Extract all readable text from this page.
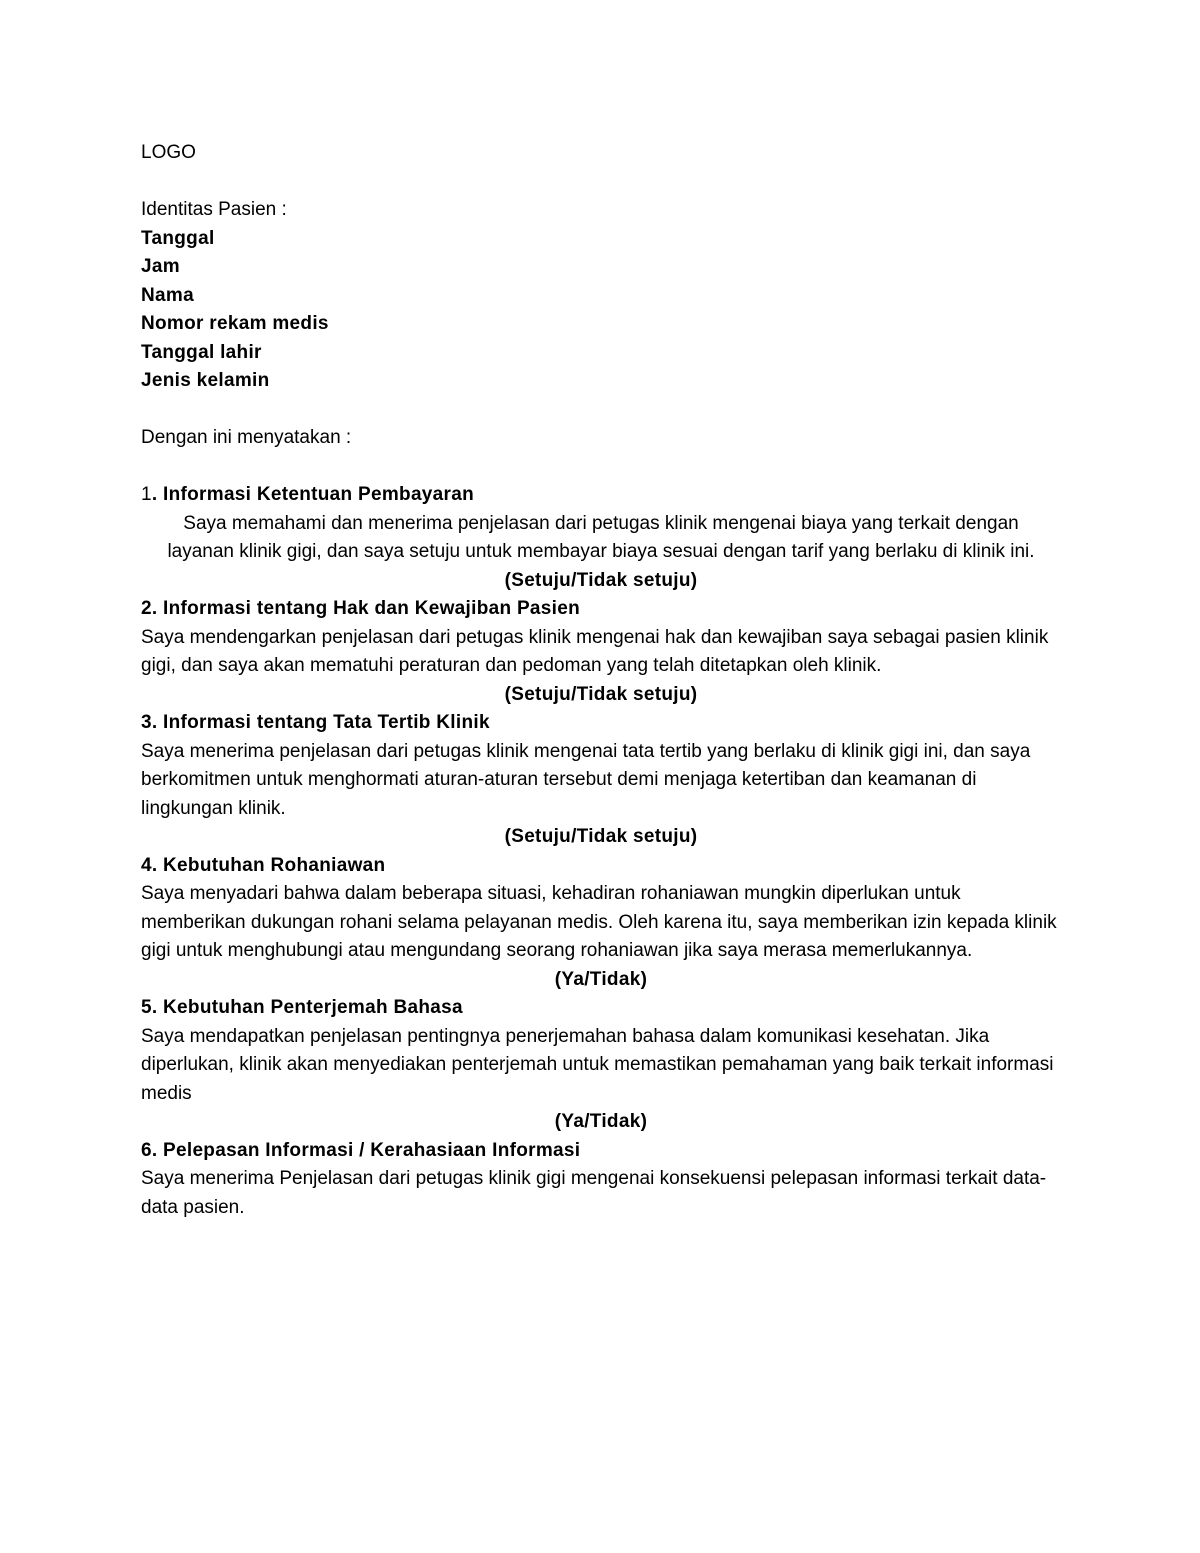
LOGO
Identitas Pasien :
Tanggal
Jam
Nama
Nomor rekam medis
Tanggal lahir
Jenis kelamin
Dengan ini menyatakan :
1. Informasi Ketentuan Pembayaran
Saya memahami dan menerima penjelasan dari petugas klinik mengenai biaya yang terkait dengan layanan klinik gigi, dan saya setuju untuk membayar biaya sesuai dengan tarif yang berlaku di klinik ini.
(Setuju/Tidak setuju)
2. Informasi tentang Hak dan Kewajiban Pasien
Saya mendengarkan penjelasan dari petugas klinik mengenai hak dan kewajiban saya sebagai pasien klinik gigi, dan saya akan mematuhi peraturan dan pedoman yang telah ditetapkan oleh klinik.
(Setuju/Tidak setuju)
3. Informasi tentang Tata Tertib Klinik
Saya menerima penjelasan dari petugas klinik mengenai tata tertib yang berlaku di klinik gigi ini, dan saya berkomitmen untuk menghormati aturan-aturan tersebut demi menjaga ketertiban dan keamanan di lingkungan klinik.
(Setuju/Tidak setuju)
4. Kebutuhan Rohaniawan
Saya menyadari bahwa dalam beberapa situasi, kehadiran rohaniawan mungkin diperlukan untuk memberikan dukungan rohani selama pelayanan medis. Oleh karena itu, saya memberikan izin kepada klinik gigi untuk menghubungi atau mengundang seorang rohaniawan jika saya merasa memerlukannya.
(Ya/Tidak)
5. Kebutuhan Penterjemah Bahasa
Saya mendapatkan penjelasan pentingnya penerjemahan bahasa dalam komunikasi kesehatan. Jika diperlukan, klinik akan menyediakan penterjemah untuk memastikan pemahaman yang baik terkait informasi medis
(Ya/Tidak)
6. Pelepasan Informasi / Kerahasiaan Informasi
Saya menerima Penjelasan dari petugas klinik gigi mengenai konsekuensi pelepasan informasi terkait data-data pasien.
